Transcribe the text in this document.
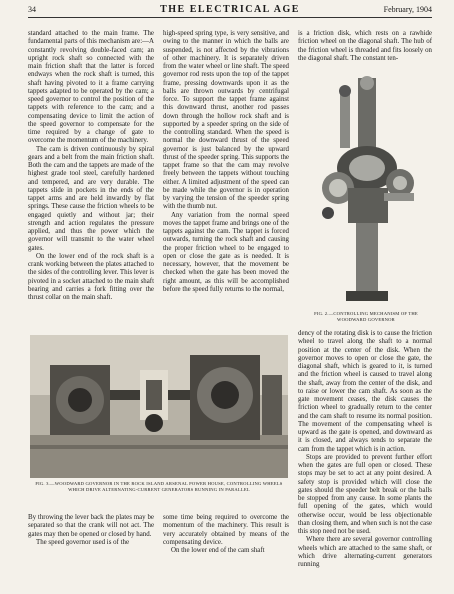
34	THE ELECTRICAL AGE	February, 1904

standard attached to the main frame. The fundamental parts of this mechanism are:—A constantly revolving double-faced cam; an upright rock shaft so connected with the main friction shaft that the latter is forced endways when the rock shaft is turned, this shaft having pivoted to it a frame carrying tappets adapted to be operated by the cam; a speed governor to control the position of the tappets with reference to the cam; and a compensating device to limit the action of the speed governor to compensate for the time required by a change of gate to overcome the momentum of the machinery.

The cam is driven continuously by spiral gears and a belt from the main friction shaft. Both the cam and the tappets are made of the highest grade tool steel, carefully hardened and tempered, and are very durable. The tappets slide in pockets in the ends of the tappet arms and are held inwardly by flat springs. These cause the friction wheels to be engaged quietly and without jar; their strength and action regulates the pressure applied, and thus the power which the governor will transmit to the water wheel gates.

On the lower end of the rock shaft is a crank working between the plates attached to the sides of the controlling lever. This lever is pivoted in a socket attached to the main shaft bearing and carries a fork fitting over the thrust collar on the main shaft.

high-speed spring type, is very sensitive, and owing to the manner in which the balls are suspended, is not affected by the vibrations of other machinery. It is separately driven from the water wheel or line shaft. The speed governor rod rests upon the top of the tappet frame, pressing downwards upon it as the balls are thrown outwards by centrifugal force. To support the tappet frame against this downward thrust, another rod passes down through the hollow rock shaft and is supported by a speeder spring on the side of the controlling standard. When the speed is normal the downward thrust of the speed governor is just balanced by the upward thrust of the speeder spring. This supports the tappet frame so that the cam may revolve freely between the tappets without touching either. A limited adjustment of the speed can be made while the governor is in operation by varying the tension of the speeder spring with the thumb nut.

Any variation from the normal speed moves the tappet frame and brings one of the tappets against the cam. The tappet is forced outwards, turning the rock shaft and causing the proper friction wheel to be engaged to open or close the gate as is needed. It is necessary, however, that the movement be checked when the gate has been moved the right amount, as this will be accomplished before the speed fully returns to the normal,

is a friction disk, which rests on a rawhide friction wheel on the diagonal shaft. The hub of the friction wheel is threaded and fits loosely on the diagonal shaft. The constant ten-

FIG. 2.—CONTROLLING MECHANISM OF THE WOODWARD GOVERNOR
FIG. 3.—WOODWARD GOVERNOR IN THE ROCK ISLAND ARSENAL POWER HOUSE, CONTROLLING WHEELS WHICH DRIVE ALTERNATING-CURRENT GENERATORS RUNNING IN PARALLEL

By throwing the lever back the plates may be separated so that the crank will not act. The gates may then be opened or closed by hand.

The speed governor used is of the

some time being required to overcome the momentum of the machinery. This result is very accurately obtained by means of the compensating device.

On the lower end of the cam shaft

dency of the rotating disk is to cause the friction wheel to travel along the shaft to a normal position at the center of the disk. When the governor moves to open or close the gate, the diagonal shaft, which is geared to it, is turned and the friction wheel is caused to travel along the shaft, away from the center of the disk, and to raise or lower the cam shaft. As soon as the gate movement ceases, the disk causes the friction wheel to gradually return to the center and the cam shaft to resume its normal position. The movement of the compensating wheel is upward as the gate is opened, and downward as it is closed, and always tends to separate the cam from the tappet which is in action.

Stops are provided to prevent further effort when the gates are full open or closed. These stops may be set to act at any point desired. A safety stop is provided which will close the gates should the speeder belt break or the balls be stopped from any cause. In some plants the full opening of the gates, which would otherwise occur, would be less objectionable than closing them, and when such is not the case this stop need not be used.

Where there are several governor controlling wheels which are attached to the same shaft, or which drive alternating-current generators running
